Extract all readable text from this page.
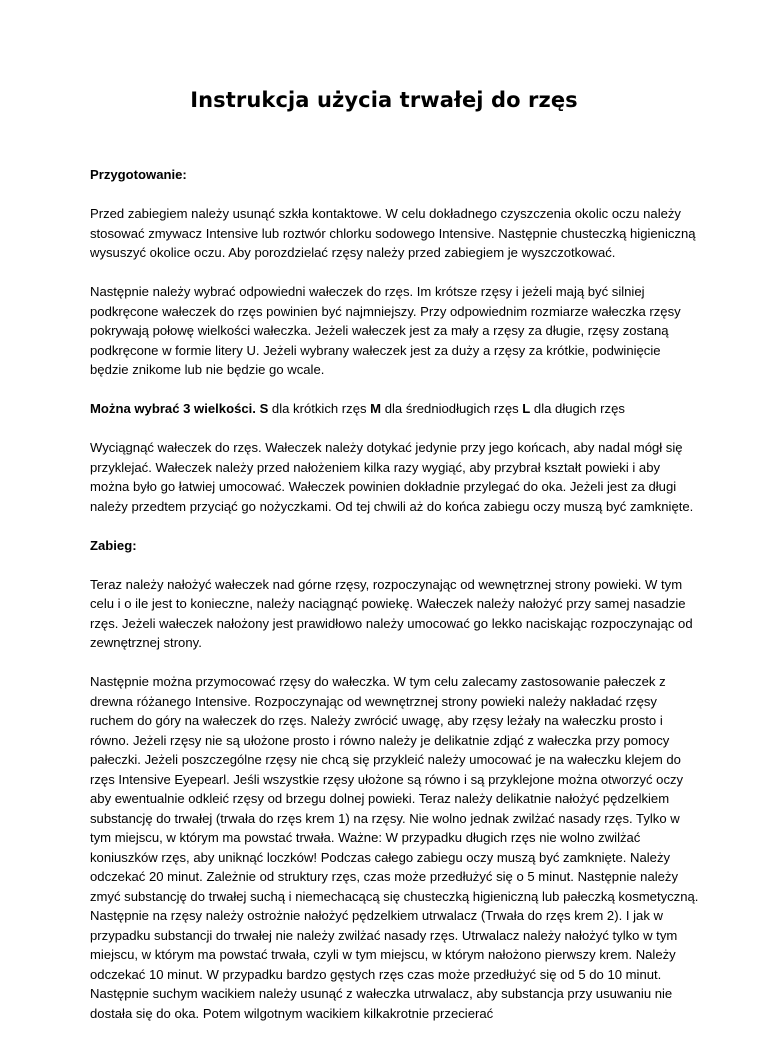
Instrukcja użycia trwałej do rzęs

Przygotowanie:

Przed zabiegiem należy usunąć szkła kontaktowe. W celu dokładnego czyszczenia okolic oczu należy stosować zmywacz Intensive lub roztwór chlorku sodowego Intensive. Następnie chusteczką higieniczną wysuszyć okolice oczu. Aby porozdzielać rzęsy należy przed zabiegiem je wyszczotkować.

Następnie należy wybrać odpowiedni wałeczek do rzęs. Im krótsze rzęsy i jeżeli mają być silniej podkręcone wałeczek do rzęs powinien być najmniejszy. Przy odpowiednim rozmiarze wałeczka rzęsy pokrywają połowę wielkości wałeczka. Jeżeli wałeczek jest za mały a rzęsy za długie, rzęsy zostaną podkręcone w formie litery U. Jeżeli wybrany wałeczek jest za duży a rzęsy za krótkie, podwinięcie będzie znikome lub nie będzie go wcale.

Można wybrać 3 wielkości. S dla krótkich rzęs M dla średniodługich rzęs L dla długich rzęs

Wyciągnąć wałeczek do rzęs. Wałeczek należy dotykać jedynie przy jego końcach, aby nadal mógł się przyklejać. Wałeczek należy przed nałożeniem kilka razy wygiąć, aby przybrał kształt powieki i aby można było go łatwiej umocować. Wałeczek powinien dokładnie przylegać do oka. Jeżeli jest za długi należy przedtem przyciąć go nożyczkami. Od tej chwili aż do końca zabiegu oczy muszą być zamknięte.

Zabieg:

Teraz należy nałożyć wałeczek nad górne rzęsy, rozpoczynając od wewnętrznej strony powieki. W tym celu i o ile jest to konieczne, należy naciągnąć powiekę. Wałeczek należy nałożyć przy samej nasadzie rzęs. Jeżeli wałeczek nałożony jest prawidłowo należy umocować go lekko naciskając rozpoczynając od zewnętrznej strony.

Następnie można przymocować rzęsy do wałeczka. W tym celu zalecamy zastosowanie pałeczek z drewna różanego Intensive. Rozpoczynając od wewnętrznej strony powieki należy nakładać rzęsy ruchem do góry na wałeczek do rzęs. Należy zwrócić uwagę, aby rzęsy leżały na wałeczku prosto i równo. Jeżeli rzęsy nie są ułożone prosto i równo należy je delikatnie zdjąć z wałeczka przy pomocy pałeczki. Jeżeli poszczególne rzęsy nie chcą się przykleić należy umocować je na wałeczku klejem do rzęs Intensive Eyepearl. Jeśli wszystkie rzęsy ułożone są równo i są przyklejone można otworzyć oczy aby ewentualnie odkleić rzęsy od brzegu dolnej powieki. Teraz należy delikatnie nałożyć pędzelkiem substancję do trwałej (trwała do rzęs krem 1) na rzęsy. Nie wolno jednak zwilżać nasady rzęs. Tylko w tym miejscu, w którym ma powstać trwała. Ważne: W przypadku długich rzęs nie wolno zwilżać koniuszków rzęs, aby uniknąć loczków! Podczas całego zabiegu oczy muszą być zamknięte. Należy odczekać 20 minut. Zależnie od struktury rzęs, czas może przedłużyć się o 5 minut. Następnie należy zmyć substancję do trwałej suchą i niemechacącą się chusteczką higieniczną lub pałeczką kosmetyczną. Następnie na rzęsy należy ostrożnie nałożyć pędzelkiem utrwalacz (Trwała do rzęs krem 2). I jak w przypadku substancji do trwałej nie należy zwilżać nasady rzęs. Utrwalacz należy nałożyć tylko w tym miejscu, w którym ma powstać trwała, czyli w tym miejscu, w którym nałożono pierwszy krem. Należy odczekać 10 minut. W przypadku bardzo gęstych rzęs czas może przedłużyć się od 5 do 10 minut. Następnie suchym wacikiem należy usunąć z wałeczka utrwalacz, aby substancja przy usuwaniu nie dostała się do oka. Potem wilgotnym wacikiem kilkakrotnie przecierać
